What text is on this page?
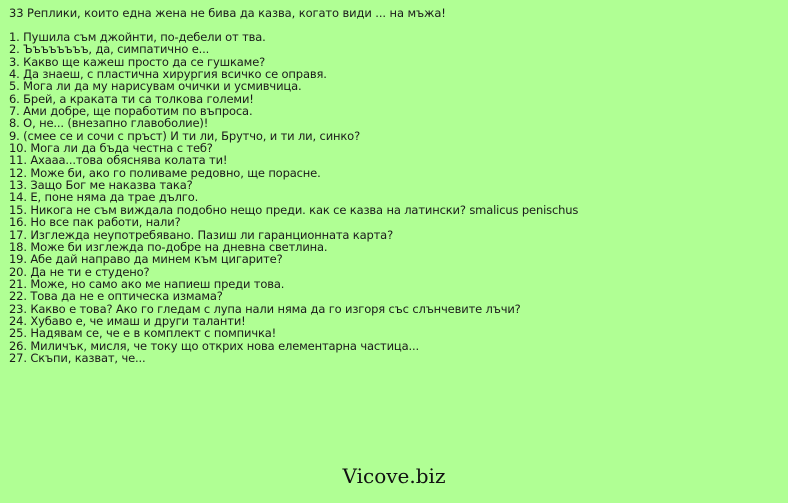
33 Реплики, които една жена не бива да казва, когато види ... на мъжа!
1. Пушила съм джойнти, по-дебели от тва.
2. Ъъъъъъъъ, да, симпатично е...
3. Какво ще кажеш просто да се гушкаме?
4. Да знаеш, с пластична хирургия всичко се оправя.
5. Мога ли да му нарисувам очички и усмивчица.
6. Брей, а краката ти са толкова големи!
7. Ами добре, ще поработим по въпроса.
8. О, не... (внезапно главоболие)!
9. (смее се и сочи с пръст) И ти ли, Брутчо, и ти ли, синко?
10. Мога ли да бъда честна с теб?
11. Ахааа...това обяснява колата ти!
12. Може би, ако го поливаме редовно, ще порасне.
13. Защо Бог ме наказва така?
14. Е, поне няма да трае дълго.
15. Никога не съм виждала подобно нещо преди. как се казва на латински? smalicus penischus
16. Но все пак работи, нали?
17. Изглежда неупотребявано. Пазиш ли гаранционната карта?
18. Може би изглежда по-добре на дневна светлина.
19. Абе дай направо да минем към цигарите?
20. Да не ти е студено?
21. Може, но само ако ме напиеш преди това.
22. Това да не е оптическа измама?
23. Какво е това? Ако го гледам с лупа нали няма да го изгоря със слънчевите лъчи?
24. Хубаво е, че имаш и други таланти!
25. Надявам се, че е в комплект с помпичка!
26. Миличък, мисля, че току що открих нова елементарна частица...
27. Скъпи, казват, че...
Vicove.biz
